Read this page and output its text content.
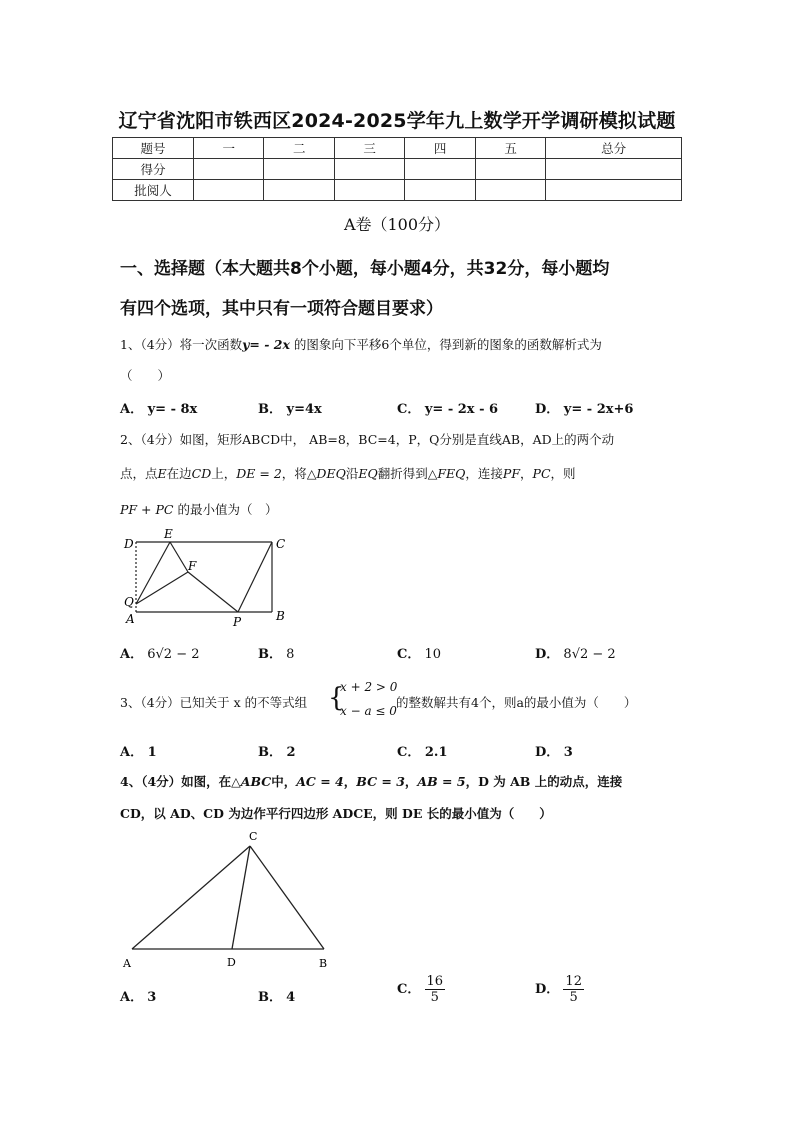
辽宁省沈阳市铁西区2024-2025学年九上数学开学调研模拟试题
题号	一	二	三	四	五	总分
得分						
批阅人						
A卷（100分）
一、选择题（本大题共8个小题，每小题4分，共32分，每小题均
有四个选项，其中只有一项符合题目要求）
1、（4分）将一次函数y= - 2x 的图象向下平移6个单位，得到新的图象的函数解析式为
（　　）
A． y= - 8x	B． y=4x	C． y= - 2x - 6	D． y= - 2x+6
2、（4分）如图，矩形ABCD中， AB=8，BC=4，P，Q分别是直线AB，AD上的两个动
点，点E在边CD上，DE = 2，将△DEQ沿EQ翻折得到△FEQ，连接PF，PC，则
PF + PC 的最小值为（　）
D
E
C
F
Q
A	P	B
A． 6√2 − 2	B． 8	C． 10	D． 8√2 − 2
3、（4分）已知关于 x 的不等式组 {
x + 2 > 0
x − a ≤ 0
的整数解共有4个，则a的最小值为（　　）
A． 1	B． 2	C． 2.1	D． 3
4、（4分）如图，在△ABC中，AC = 4，BC = 3，AB = 5，D 为 AB 上的动点，连接
CD，以 AD、CD 为边作平行四边形 ADCE，则 DE 长的最小值为（　　）
C
A	D	B
A． 3	B． 4
C． $\frac{16}{5}$	D． $\frac{12}{5}$
